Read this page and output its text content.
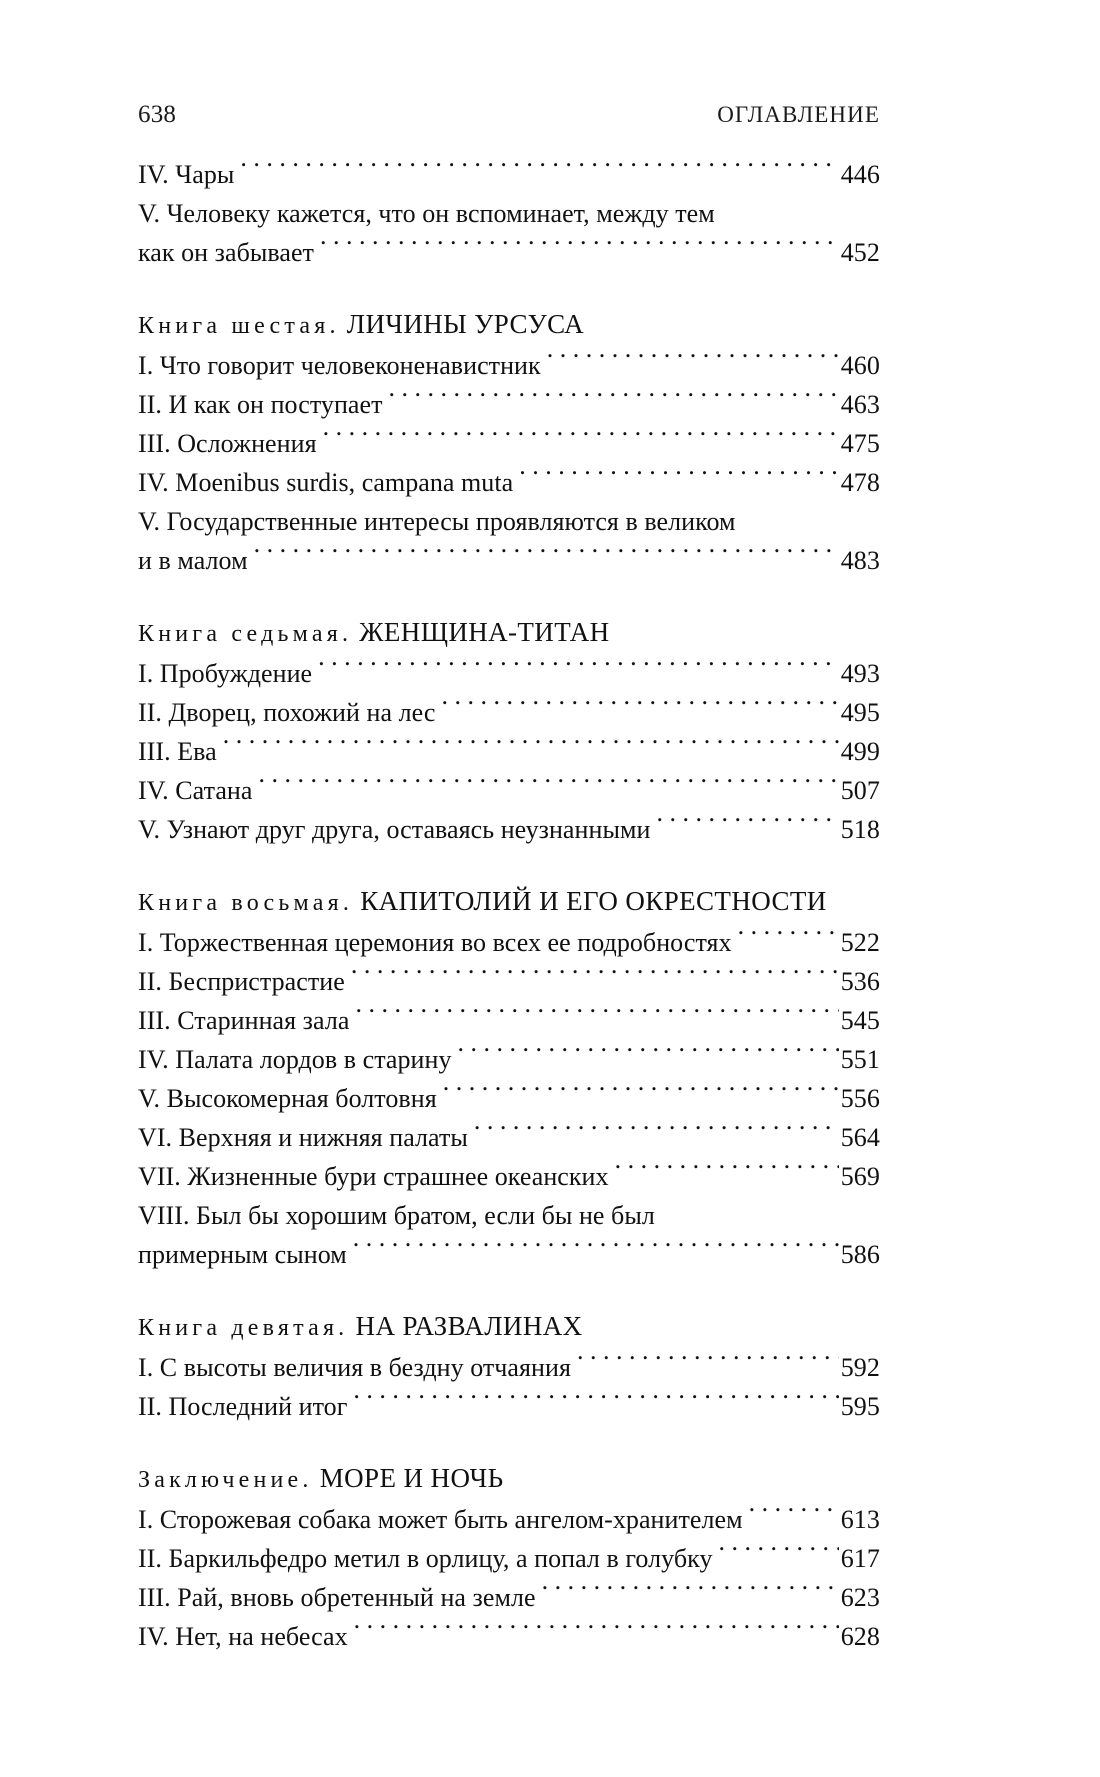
638	ОГЛАВЛЕНИЕ
IV. Чары . . .	446
V. Человеку кажется, что он вспоминает, между тем
как он забывает . . .	452
Книга шестая. ЛИЧИНЫ УРСУСА
I. Что говорит человеконенавистник . . .	460
II. И как он поступает . . .	463
III. Осложнения . . .	475
IV. Moenibus surdis, campana muta . . .	478
V. Государственные интересы проявляются в великом
и в малом . . .	483
Книга седьмая. ЖЕНЩИНА-ТИТАН
I. Пробуждение . . .	493
II. Дворец, похожий на лес . . .	495
III. Ева . . .	499
IV. Сатана . . .	507
V. Узнают друг друга, оставаясь неузнанными . . .	518
Книга восьмая. КАПИТОЛИЙ И ЕГО ОКРЕСТНОСТИ
I. Торжественная церемония во всех ее подробностях . . .	522
II. Беспристрастие . . .	536
III. Старинная зала . . .	545
IV. Палата лордов в старину . . .	551
V. Высокомерная болтовня . . .	556
VI. Верхняя и нижняя палаты . . .	564
VII. Жизненные бури страшнее океанских . . .	569
VIII. Был бы хорошим братом, если бы не был
примерным сыном . . .	586
Книга девятая. НА РАЗВАЛИНАХ
I. С высоты величия в бездну отчаяния . . .	592
II. Последний итог . . .	595
Заключение. МОРЕ И НОЧЬ
I. Сторожевая собака может быть ангелом-хранителем . . .	613
II. Баркильфедро метил в орлицу, а попал в голубку . . .	617
III. Рай, вновь обретенный на земле . . .	623
IV. Нет, на небесах . . .	628
